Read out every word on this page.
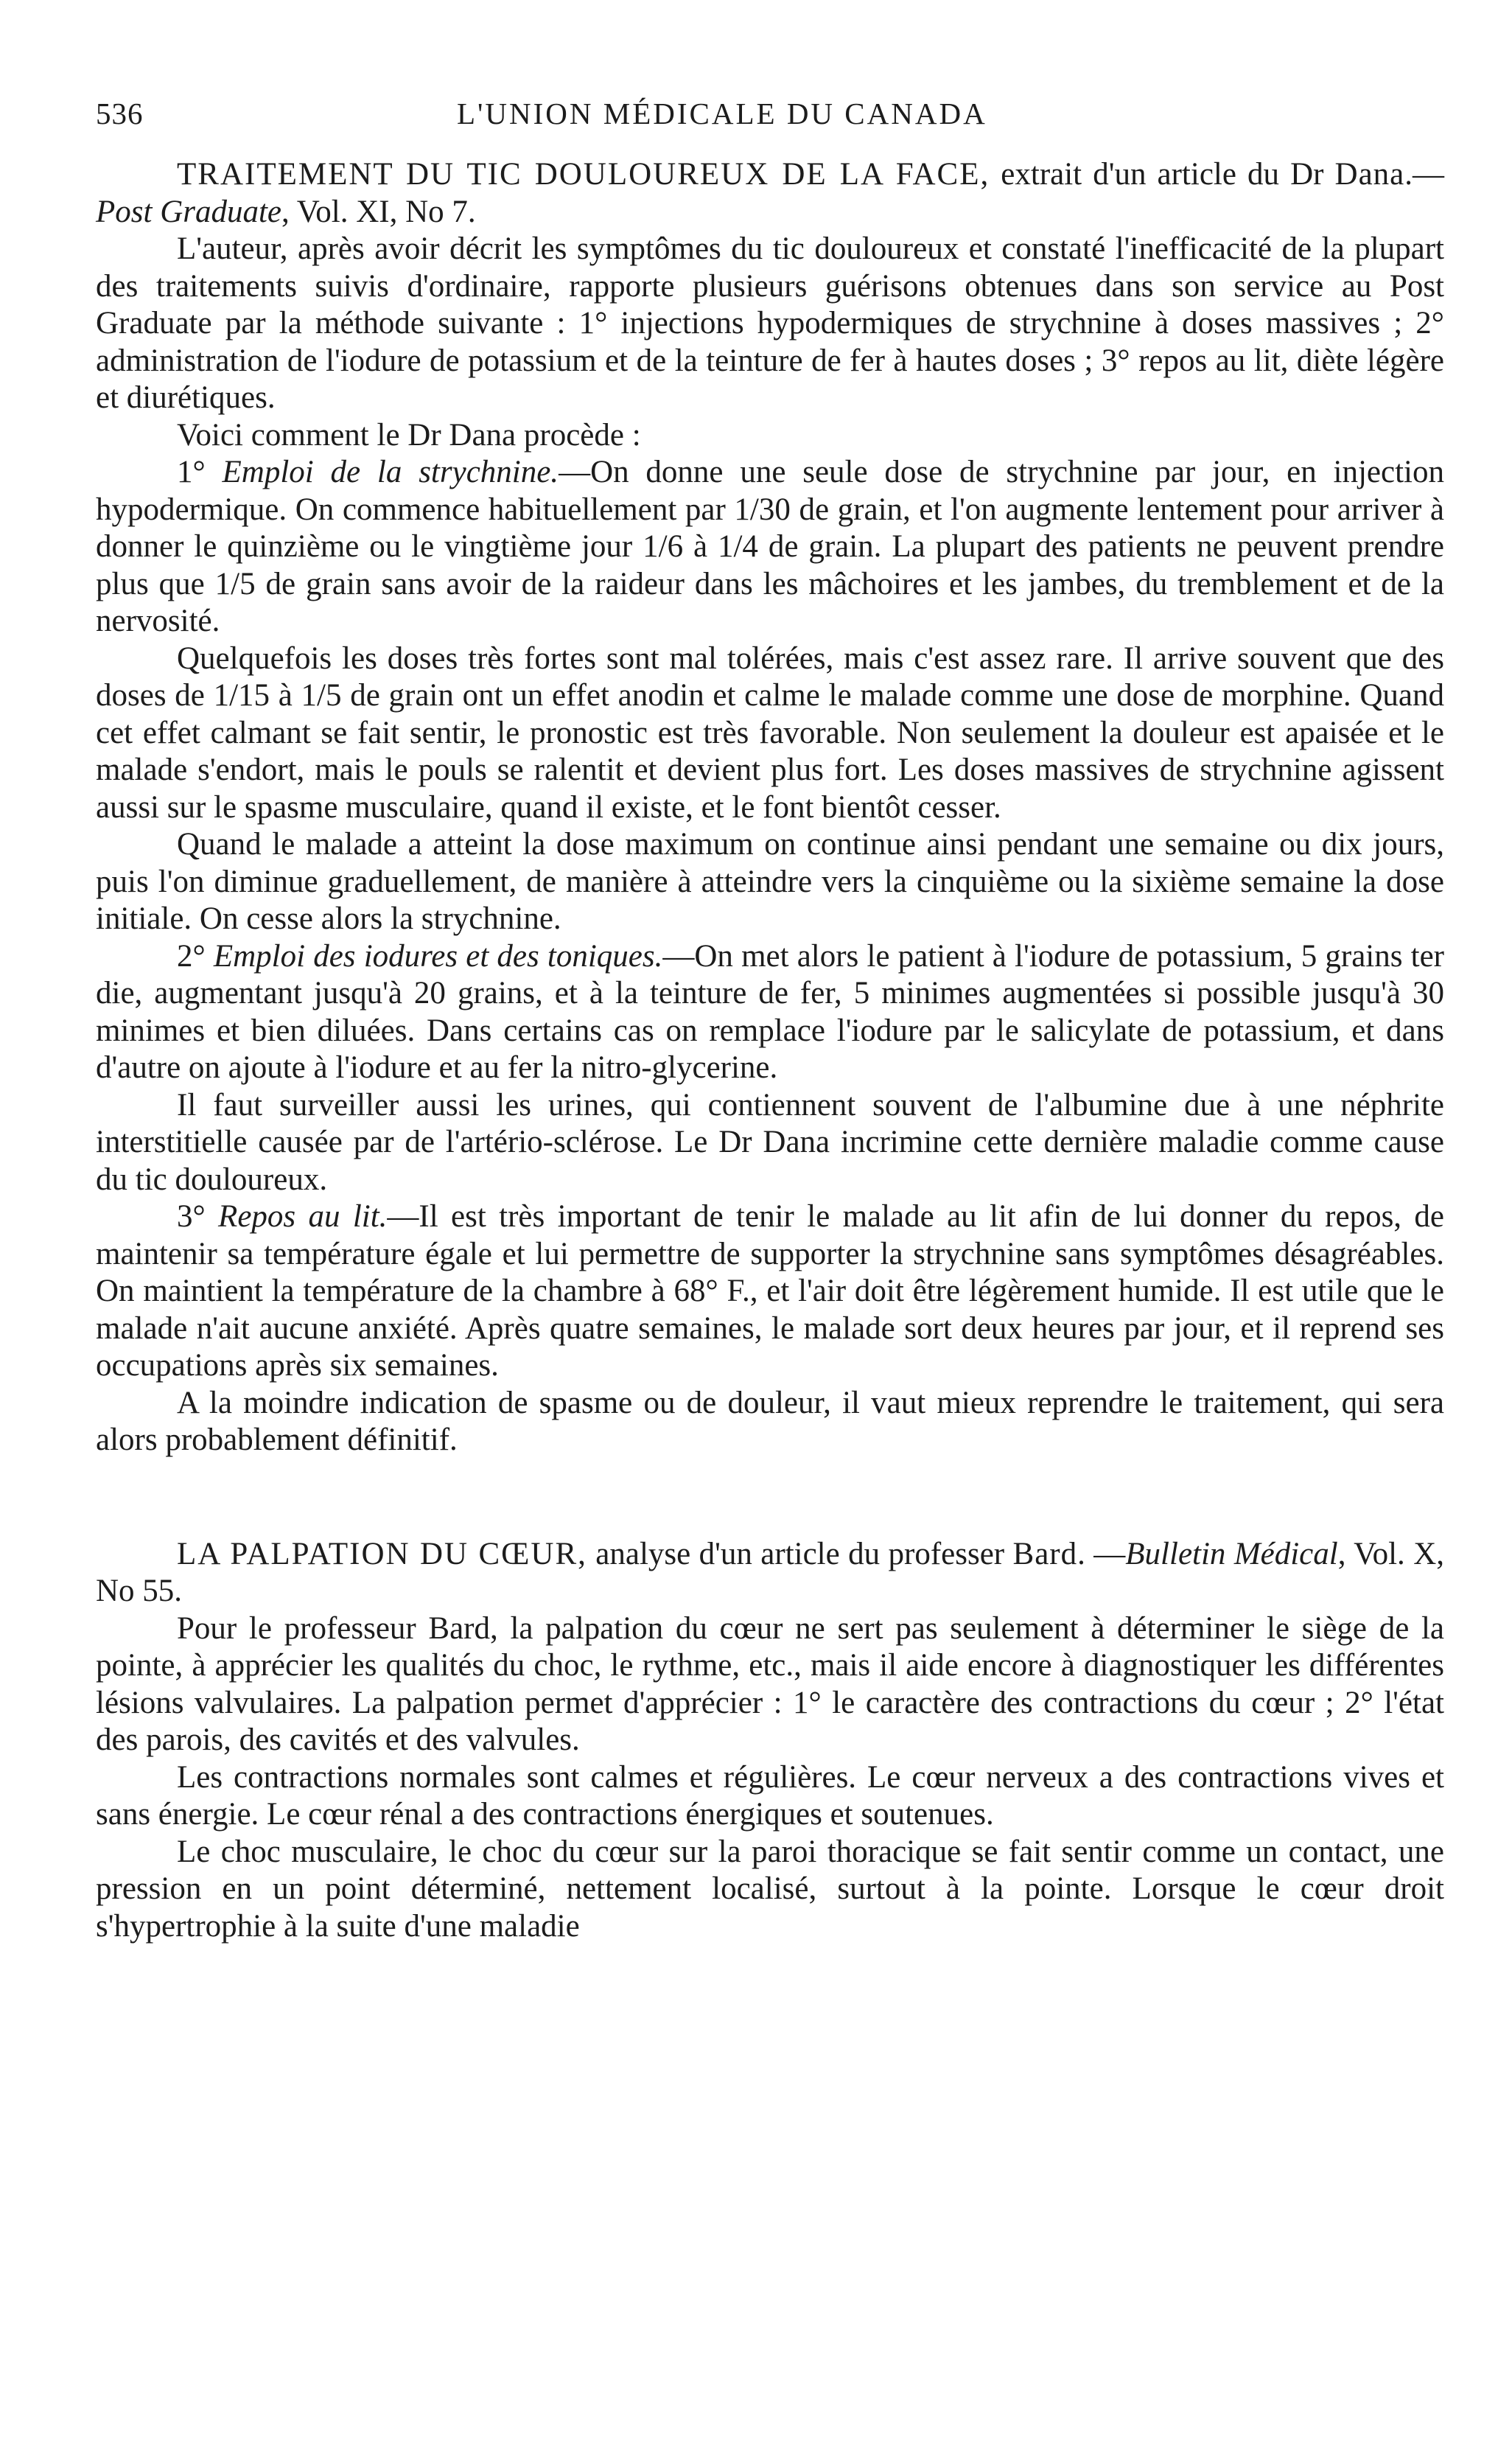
536	L'UNION MÉDICALE DU CANADA

TRAITEMENT DU TIC DOULOUREUX DE LA FACE, extrait d'un article du Dr Dana.—Post Graduate, Vol. XI, No 7.

L'auteur, après avoir décrit les symptômes du tic douloureux et constaté l'inefficacité de la plupart des traitements suivis d'ordinaire, rapporte plusieurs guérisons obtenues dans son service au Post Graduate par la méthode suivante : 1° injections hypodermiques de strychnine à doses massives ; 2° administration de l'iodure de potassium et de la teinture de fer à hautes doses ; 3° repos au lit, diète légère et diurétiques.

Voici comment le Dr Dana procède :

1° Emploi de la strychnine.—On donne une seule dose de strychnine par jour, en injection hypodermique. On commence habituellement par 1/30 de grain, et l'on augmente lentement pour arriver à donner le quinzième ou le vingtième jour 1/6 à 1/4 de grain. La plupart des patients ne peuvent prendre plus que 1/5 de grain sans avoir de la raideur dans les mâchoires et les jambes, du tremblement et de la nervosité.

Quelquefois les doses très fortes sont mal tolérées, mais c'est assez rare. Il arrive souvent que des doses de 1/15 à 1/5 de grain ont un effet anodin et calme le malade comme une dose de morphine. Quand cet effet calmant se fait sentir, le pronostic est très favorable. Non seulement la douleur est apaisée et le malade s'endort, mais le pouls se ralentit et devient plus fort. Les doses massives de strychnine agissent aussi sur le spasme musculaire, quand il existe, et le font bientôt cesser.

Quand le malade a atteint la dose maximum on continue ainsi pendant une semaine ou dix jours, puis l'on diminue graduellement, de manière à atteindre vers la cinquième ou la sixième semaine la dose initiale. On cesse alors la strychnine.

2° Emploi des iodures et des toniques.—On met alors le patient à l'iodure de potassium, 5 grains ter die, augmentant jusqu'à 20 grains, et à la teinture de fer, 5 minimes augmentées si possible jusqu'à 30 minimes et bien diluées. Dans certains cas on remplace l'iodure par le salicylate de potassium, et dans d'autre on ajoute à l'iodure et au fer la nitro-glycerine.

Il faut surveiller aussi les urines, qui contiennent souvent de l'albumine due à une néphrite interstitielle causée par de l'artério-sclérose. Le Dr Dana incrimine cette dernière maladie comme cause du tic douloureux.

3° Repos au lit.—Il est très important de tenir le malade au lit afin de lui donner du repos, de maintenir sa température égale et lui permettre de supporter la strychnine sans symptômes désagréables. On maintient la température de la chambre à 68° F., et l'air doit être légèrement humide. Il est utile que le malade n'ait aucune anxiété. Après quatre semaines, le malade sort deux heures par jour, et il reprend ses occupations après six semaines.

A la moindre indication de spasme ou de douleur, il vaut mieux reprendre le traitement, qui sera alors probablement définitif.

LA PALPATION DU CŒUR, analyse d'un article du professer Bard. —Bulletin Médical, Vol. X, No 55.

Pour le professeur Bard, la palpation du cœur ne sert pas seulement à déterminer le siège de la pointe, à apprécier les qualités du choc, le rythme, etc., mais il aide encore à diagnostiquer les différentes lésions valvulaires. La palpation permet d'apprécier : 1° le caractère des contractions du cœur ; 2° l'état des parois, des cavités et des valvules.

Les contractions normales sont calmes et régulières. Le cœur nerveux a des contractions vives et sans énergie. Le cœur rénal a des contractions énergiques et soutenues.

Le choc musculaire, le choc du cœur sur la paroi thoracique se fait sentir comme un contact, une pression en un point déterminé, nettement localisé, surtout à la pointe. Lorsque le cœur droit s'hypertrophie à la suite d'une maladie
